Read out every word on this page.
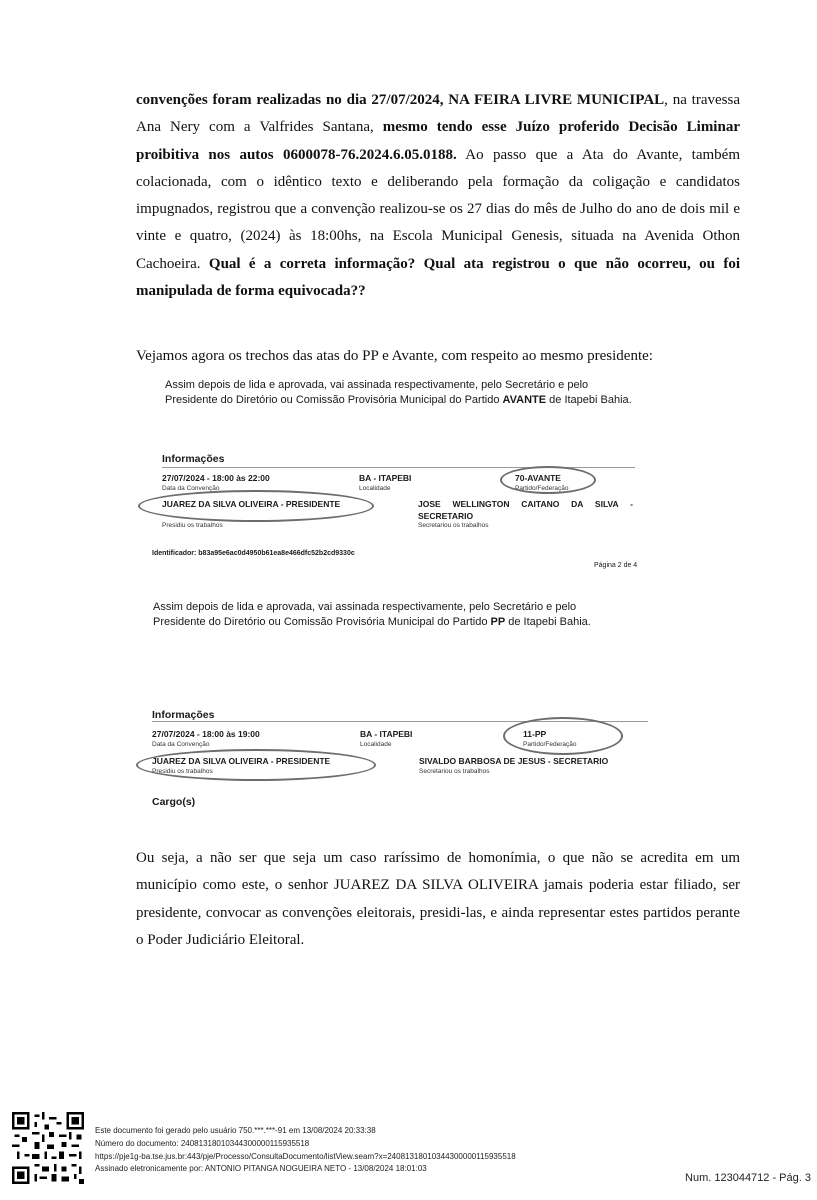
convenções foram realizadas no dia 27/07/2024, NA FEIRA LIVRE MUNICIPAL, na travessa Ana Nery com a Valfrides Santana, mesmo tendo esse Juízo proferido Decisão Liminar proibitiva nos autos 0600078-76.2024.6.05.0188. Ao passo que a Ata do Avante, também colacionada, com o idêntico texto e deliberando pela formação da coligação e candidatos impugnados, registrou que a convenção realizou-se os 27 dias do mês de Julho do ano de dois mil e vinte e quatro, (2024) às 18:00hs, na Escola Municipal Genesis, situada na Avenida Othon Cachoeira. Qual é a correta informação? Qual ata registrou o que não ocorreu, ou foi manipulada de forma equivocada??

Vejamos agora os trechos das atas do PP e Avante, com respeito ao mesmo presidente:

Assim depois de lida e aprovada, vai assinada respectivamente, pelo Secretário e pelo
Presidente do Diretório ou Comissão Provisória Municipal do Partido AVANTE de Itapebi Bahia.
Informações
27/07/2024 - 18:00 às 22:00
Data da Convenção
BA - ITAPEBI
Localidade
70-AVANTE
Partido/Federação
JUAREZ DA SILVA OLIVEIRA - PRESIDENTE
Presidiu os trabalhos
JOSE WELLINGTON CAITANO DA SILVA -
SECRETARIO
Secretariou os trabalhos
Identificador: b83a95e6ac0d4950b61ea8e466dfc52b2cd9330c
Página 2 de 4
Assim depois de lida e aprovada, vai assinada respectivamente, pelo Secretário e pelo
Presidente do Diretório ou Comissão Provisória Municipal do Partido PP de Itapebi Bahia.
Informações
27/07/2024 - 18:00 às 19:00
Data da Convenção
BA - ITAPEBI
Localidade
11-PP
Partido/Federação
JUAREZ DA SILVA OLIVEIRA - PRESIDENTE
Presidiu os trabalhos
SIVALDO BARBOSA DE JESUS - SECRETARIO
Secretariou os trabalhos
Cargo(s)

Ou seja, a não ser que seja um caso raríssimo de homonímia, o que não se acredita em um município como este, o senhor JUAREZ DA SILVA OLIVEIRA jamais poderia estar filiado, ser presidente, convocar as convenções eleitorais, presidi-las, e ainda representar estes partidos perante o Poder Judiciário Eleitoral.

Este documento foi gerado pelo usuário 750.***.***-91 em 13/08/2024 20:33:38
Número do documento: 24081318010344300000115935518
https://pje1g-ba.tse.jus.br:443/pje/Processo/ConsultaDocumento/listView.seam?x=24081318010344300000115935518
Assinado eletronicamente por: ANTONIO PITANGA NOGUEIRA NETO - 13/08/2024 18:01:03
Num. 123044712 - Pág. 3
